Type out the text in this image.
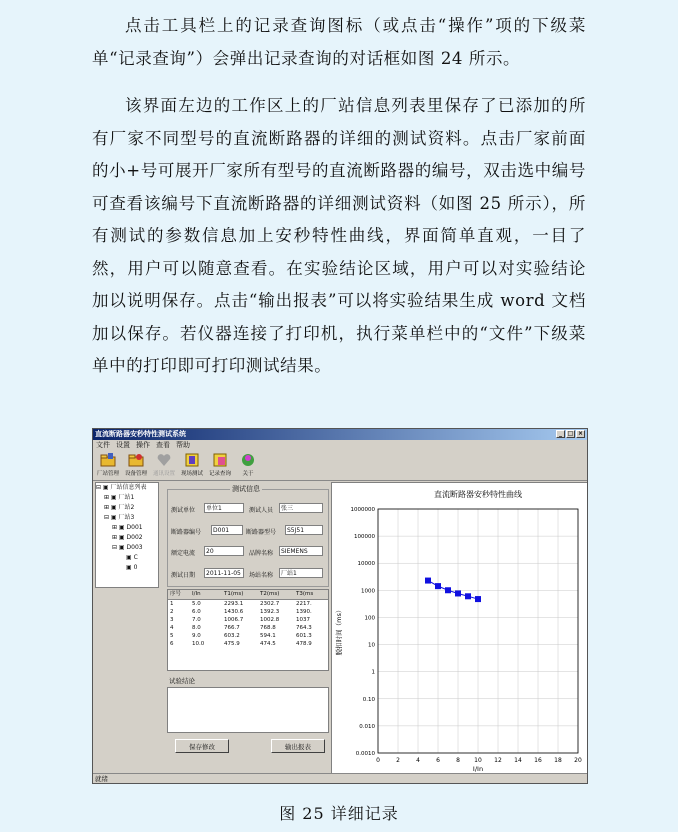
点击工具栏上的记录查询图标（或点击“操作”项的下级菜单“记录查询”）会弹出记录查询的对话框如图 24 所示。

该界面左边的工作区上的厂站信息列表里保存了已添加的所有厂家不同型号的直流断路器的详细的测试资料。点击厂家前面的小+号可展开厂家所有型号的直流断路器的编号，双击选中编号可查看该编号下直流断路器的详细测试资料（如图 25 所示），所有测试的参数信息加上安秒特性曲线，界面简单直观，一目了然，用户可以随意查看。在实验结论区域，用户可以对实验结论加以说明保存。点击“输出报表”可以将实验结果生成 word 文档加以保存。若仪器连接了打印机，执行菜单栏中的“文件”下级菜单中的打印即可打印测试结果。

直流断路器安秒特性测试系统	_ □ ×
文件 设置 操作 查看 帮助
厂站管理 设备管理 通讯设置 现场测试 记录查询 关于
⊟ ▣ 厂站信息列表
⊞ ▣ 厂站1
⊞ ▣ 厂站2
⊟ ▣ 厂站3
⊞ ▣ D001
⊞ ▣ D002
⊟ ▣ D003
▣ C
▣ 0
测试信息
测试单位	单位1	测试人员	张三
断路器编号	D001	断路器型号	S5J51
额定电流	20	品牌名称	SIEMENS
测试日期	2011-11-05	场站名称	厂站1
序号	I/In	T1(ms)	T2(ms)	T3(ms
1	5.0	2293.1	2302.7	2217.
2	6.0	1430.6	1392.3	1390.
3	7.0	1006.7	1002.8	1037
4	8.0	766.7	768.8	764.3
5	9.0	603.2	594.1	601.3
6	10.0	475.9	474.5	478.9
试验结论
保存修改	输出报表
直流断路器安秒特性曲线
0	2	4	6	8 10 12 14 16 18 20
0.0010
0.010
0.10
1
10
100
1000
10000
100000
1000000
I/In
脱扣时间（ms）
就绪
图 25 详细记录
